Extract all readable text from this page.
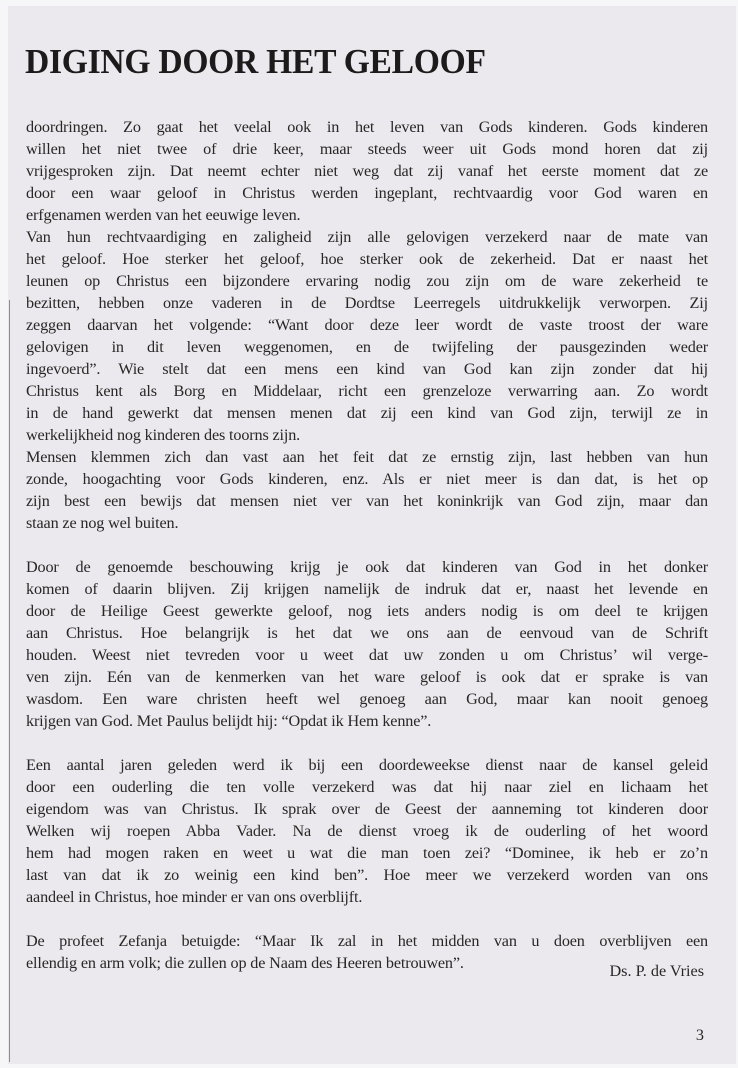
DIGING DOOR HET GELOOF

doordringen. Zo gaat het veelal ook in het leven van Gods kinderen. Gods kinderen
willen het niet twee of drie keer, maar steeds weer uit Gods mond horen dat zij
vrijgesproken zijn. Dat neemt echter niet weg dat zij vanaf het eerste moment dat ze
door een waar geloof in Christus werden ingeplant, rechtvaardig voor God waren en
erfgenamen werden van het eeuwige leven.

Van hun rechtvaardiging en zaligheid zijn alle gelovigen verzekerd naar de mate van
het geloof. Hoe sterker het geloof, hoe sterker ook de zekerheid. Dat er naast het
leunen op Christus een bijzondere ervaring nodig zou zijn om de ware zekerheid te
bezitten, hebben onze vaderen in de Dordtse Leerregels uitdrukkelijk verworpen. Zij
zeggen daarvan het volgende: “Want door deze leer wordt de vaste troost der ware
gelovigen in dit leven weggenomen, en de twijfeling der pausgezinden weder
ingevoerd”. Wie stelt dat een mens een kind van God kan zijn zonder dat hij
Christus kent als Borg en Middelaar, richt een grenzeloze verwarring aan. Zo wordt
in de hand gewerkt dat mensen menen dat zij een kind van God zijn, terwijl ze in
werkelijkheid nog kinderen des toorns zijn.

Mensen klemmen zich dan vast aan het feit dat ze ernstig zijn, last hebben van hun
zonde, hoogachting voor Gods kinderen, enz. Als er niet meer is dan dat, is het op
zijn best een bewijs dat mensen niet ver van het koninkrijk van God zijn, maar dan
staan ze nog wel buiten.

Door de genoemde beschouwing krijg je ook dat kinderen van God in het donker
komen of daarin blijven. Zij krijgen namelijk de indruk dat er, naast het levende en
door de Heilige Geest gewerkte geloof, nog iets anders nodig is om deel te krijgen
aan Christus. Hoe belangrijk is het dat we ons aan de eenvoud van de Schrift
houden. Weest niet tevreden voor u weet dat uw zonden u om Christus’ wil verge-
ven zijn. Eén van de kenmerken van het ware geloof is ook dat er sprake is van
wasdom. Een ware christen heeft wel genoeg aan God, maar kan nooit genoeg
krijgen van God. Met Paulus belijdt hij: “Opdat ik Hem kenne”.

Een aantal jaren geleden werd ik bij een doordeweekse dienst naar de kansel geleid
door een ouderling die ten volle verzekerd was dat hij naar ziel en lichaam het
eigendom was van Christus. Ik sprak over de Geest der aanneming tot kinderen door
Welken wij roepen Abba Vader. Na de dienst vroeg ik de ouderling of het woord
hem had mogen raken en weet u wat die man toen zei? “Dominee, ik heb er zo’n
last van dat ik zo weinig een kind ben”. Hoe meer we verzekerd worden van ons
aandeel in Christus, hoe minder er van ons overblijft.

De profeet Zefanja betuigde: “Maar Ik zal in het midden van u doen overblijven een
ellendig en arm volk; die zullen op de Naam des Heeren betrouwen”.	Ds. P. de Vries
3
